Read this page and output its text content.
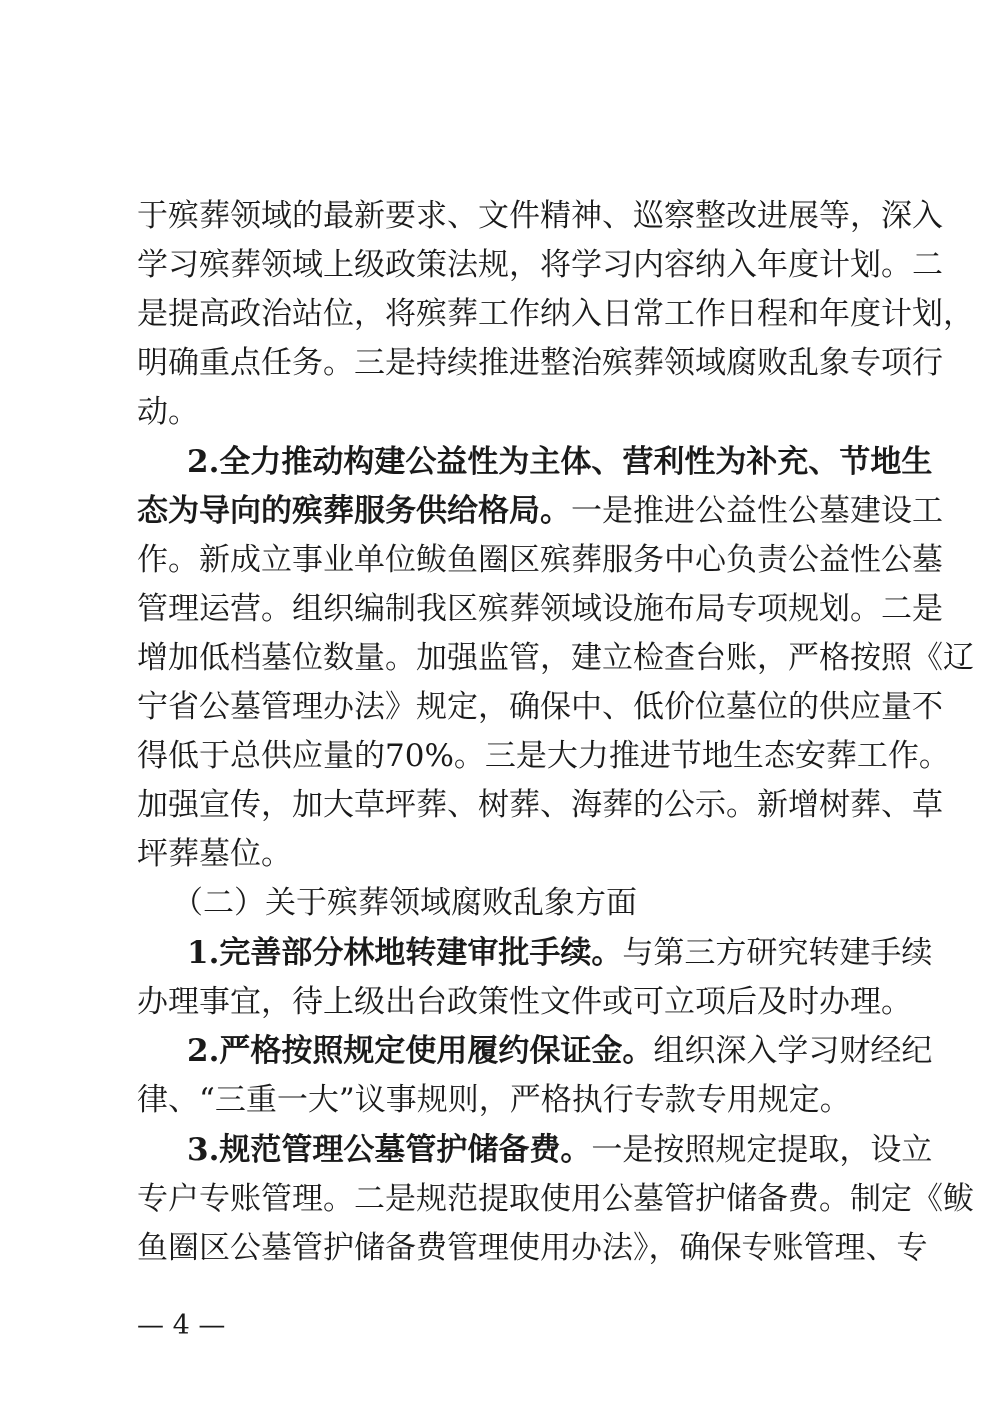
于殡葬领域的最新要求、文件精神、巡察整改进展等，深入
学习殡葬领域上级政策法规，将学习内容纳入年度计划。二
是提高政治站位，将殡葬工作纳入日常工作日程和年度计划，
明确重点任务。三是持续推进整治殡葬领域腐败乱象专项行
动。
2.全力推动构建公益性为主体、营利性为补充、节地生
态为导向的殡葬服务供给格局。一是推进公益性公墓建设工
作。新成立事业单位鲅鱼圈区殡葬服务中心负责公益性公墓
管理运营。组织编制我区殡葬领域设施布局专项规划。二是
增加低档墓位数量。加强监管，建立检查台账，严格按照《辽
宁省公墓管理办法》规定，确保中、低价位墓位的供应量不
得低于总供应量的70%。三是大力推进节地生态安葬工作。
加强宣传，加大草坪葬、树葬、海葬的公示。新增树葬、草
坪葬墓位。
（二）关于殡葬领域腐败乱象方面
1.完善部分林地转建审批手续。与第三方研究转建手续
办理事宜，待上级出台政策性文件或可立项后及时办理。
2.严格按照规定使用履约保证金。组织深入学习财经纪
律、“三重一大”议事规则，严格执行专款专用规定。
3.规范管理公墓管护储备费。一是按照规定提取，设立
专户专账管理。二是规范提取使用公墓管护储备费。制定《鲅
鱼圈区公墓管护储备费管理使用办法》，确保专账管理、专
— 4 —
